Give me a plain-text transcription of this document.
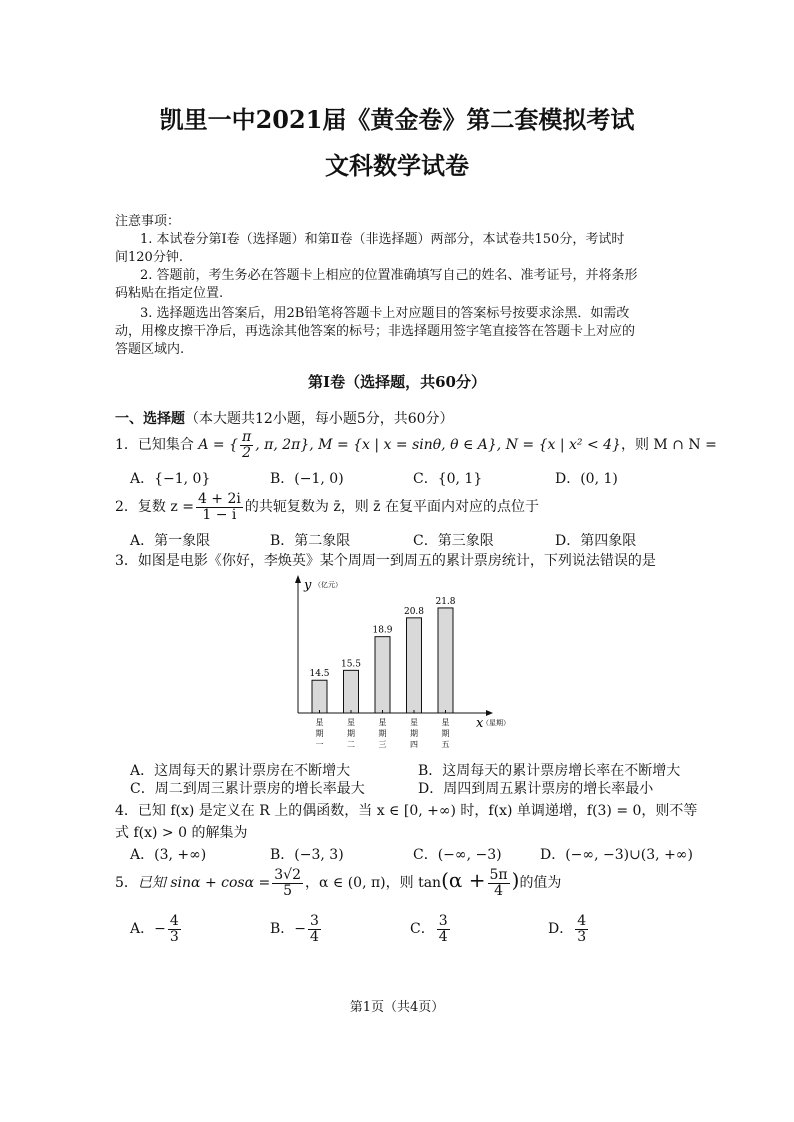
凯里一中2021届《黄金卷》第二套模拟考试
文科数学试卷
注意事项：
1. 本试卷分第Ⅰ卷（选择题）和第Ⅱ卷（非选择题）两部分，本试卷共150分，考试时
间120分钟.
2. 答题前，考生务必在答题卡上相应的位置准确填写自己的姓名、准考证号，并将条形
码粘贴在指定位置.
3. 选择题选出答案后，用2B铅笔将答题卡上对应题目的答案标号按要求涂黑．如需改
动，用橡皮擦干净后，再选涂其他答案的标号；非选择题用签字笔直接答在答题卡上对应的
答题区域内.
第Ⅰ卷（选择题，共60分）
一、选择题（本大题共12小题，每小题5分，共60分）
1．已知集合 A = { $\frac{\pi}{2}$ , π, 2π}, M = {x | x = sinθ, θ ∈ A}, N = {x | x² < 4}，则 M ∩ N =
A．{−1, 0}	B．(−1, 0)	C．{0, 1}	D．(0, 1)
2．复数 $z = \frac{4 + 2i}{1 - i}$ 的共轭复数为 z̄，则 z̄ 在复平面内对应的点位于
A．第一象限	B．第二象限	C．第三象限	D．第四象限
3．如图是电影《你好，李焕英》某个周周一到周五的累计票房统计，下列说法错误的是
y （亿元）
x
（星期）
14.5
星
期
一
15.5
星
期
二
18.9
星
期
三
20.8
星
期
四
21.8
星
期
五
A．这周每天的累计票房在不断增大	B．这周每天的累计票房增长率在不断增大
C．周二到周三累计票房的增长率最大	D．周四到周五累计票房的增长率最小
4．已知 f(x) 是定义在 R 上的偶函数，当 x ∈ [0, +∞) 时，f(x) 单调递增，f(3) = 0，则不等
式 f(x) > 0 的解集为
A．(3, +∞)	B．(−3, 3)	C．(−∞, −3)	D．(−∞, −3)∪(3, +∞)
5．已知 $\sin\alpha + \cos\alpha = \frac{3√2}{5}$ ，α ∈ (0, π)，则 $\tan(\alpha + \frac{5\pi}{4}$ )的值为
A．− $\frac{4}{3}$	B．− $\frac{3}{4}$	C． $\frac{3}{4}$	D． $\frac{4}{3}$
第1页（共4页）
